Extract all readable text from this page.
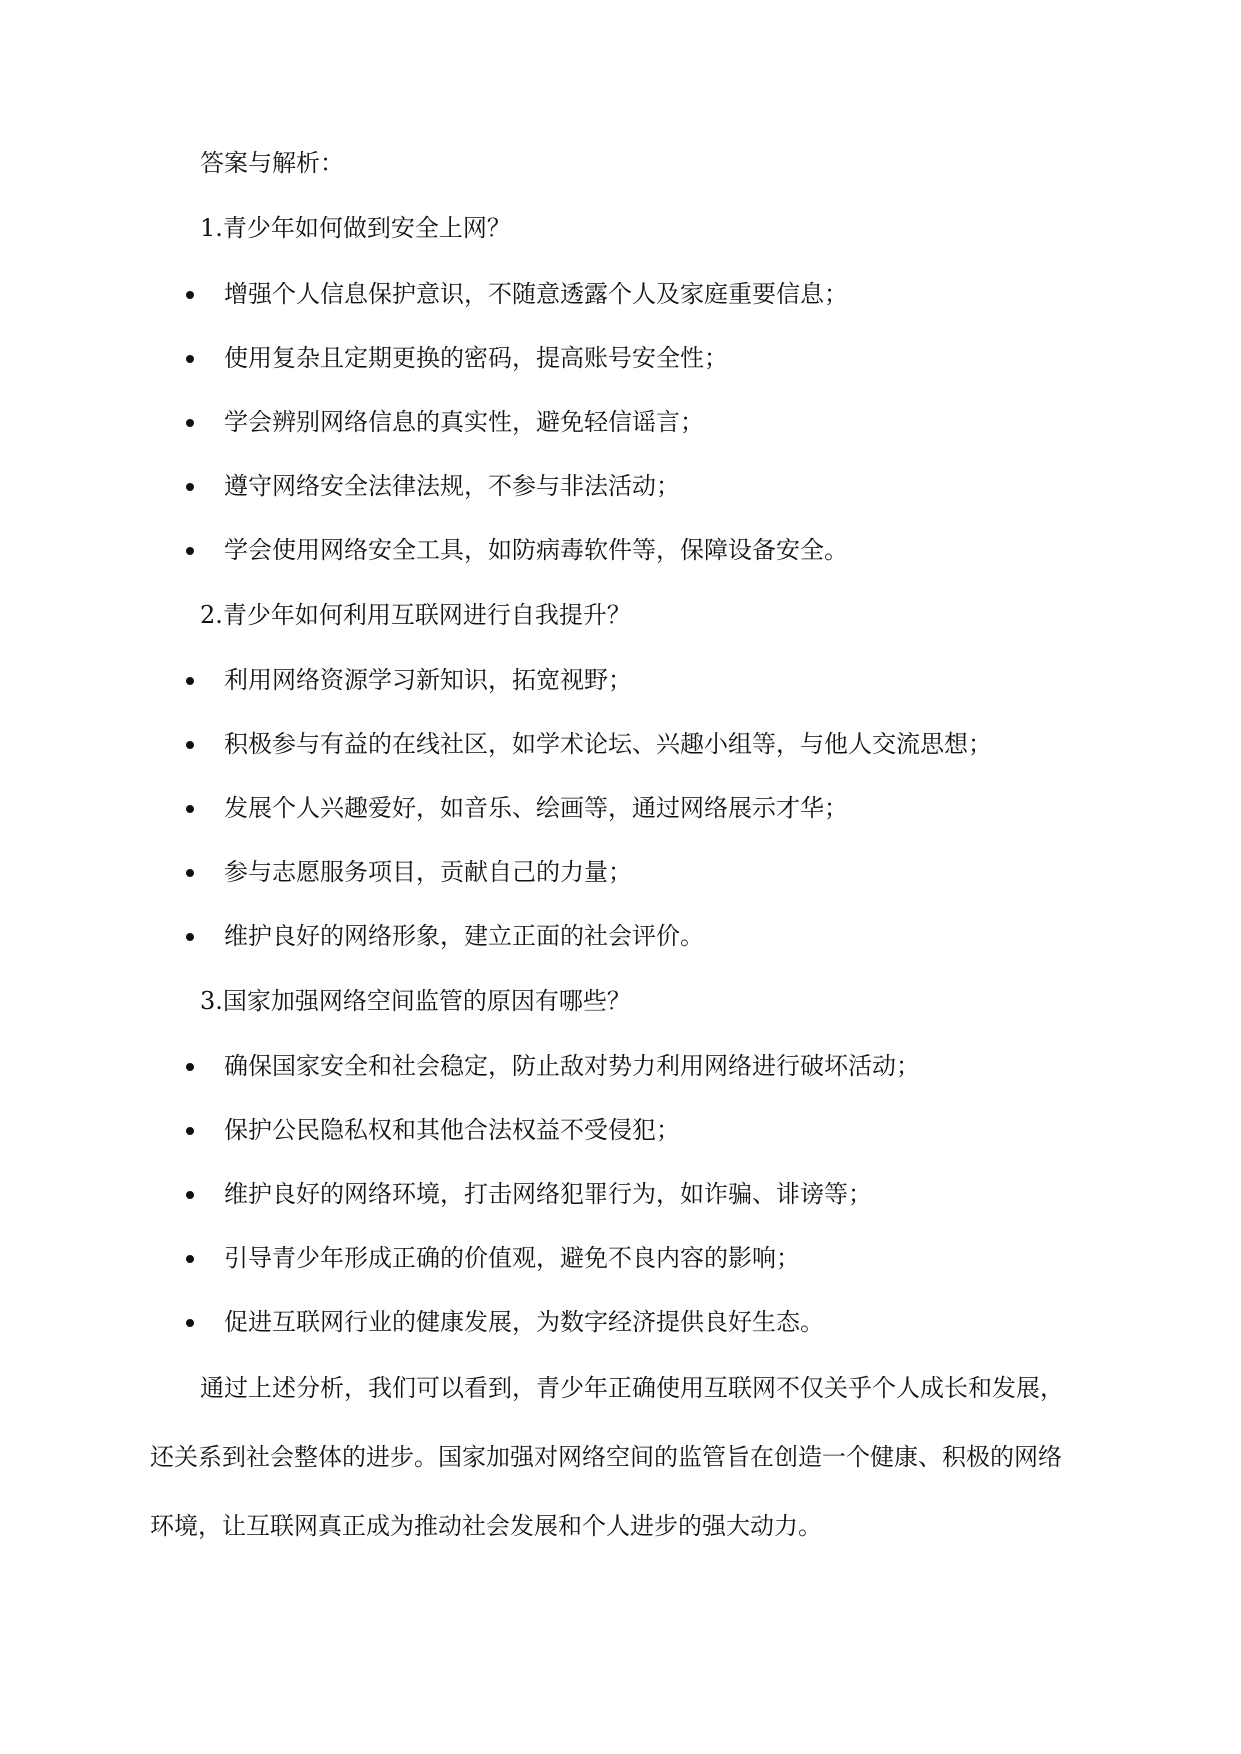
答案与解析：
1.青少年如何做到安全上网？
增强个人信息保护意识，不随意透露个人及家庭重要信息；
使用复杂且定期更换的密码，提高账号安全性；
学会辨别网络信息的真实性，避免轻信谣言；
遵守网络安全法律法规，不参与非法活动；
学会使用网络安全工具，如防病毒软件等，保障设备安全。
2.青少年如何利用互联网进行自我提升？
利用网络资源学习新知识，拓宽视野；
积极参与有益的在线社区，如学术论坛、兴趣小组等，与他人交流思想；
发展个人兴趣爱好，如音乐、绘画等，通过网络展示才华；
参与志愿服务项目，贡献自己的力量；
维护良好的网络形象，建立正面的社会评价。
3.国家加强网络空间监管的原因有哪些？
确保国家安全和社会稳定，防止敌对势力利用网络进行破坏活动；
保护公民隐私权和其他合法权益不受侵犯；
维护良好的网络环境，打击网络犯罪行为，如诈骗、诽谤等；
引导青少年形成正确的价值观，避免不良内容的影响；
促进互联网行业的健康发展，为数字经济提供良好生态。
通过上述分析，我们可以看到，青少年正确使用互联网不仅关乎个人成长和发展，
还关系到社会整体的进步。国家加强对网络空间的监管旨在创造一个健康、积极的网络
环境，让互联网真正成为推动社会发展和个人进步的强大动力。
